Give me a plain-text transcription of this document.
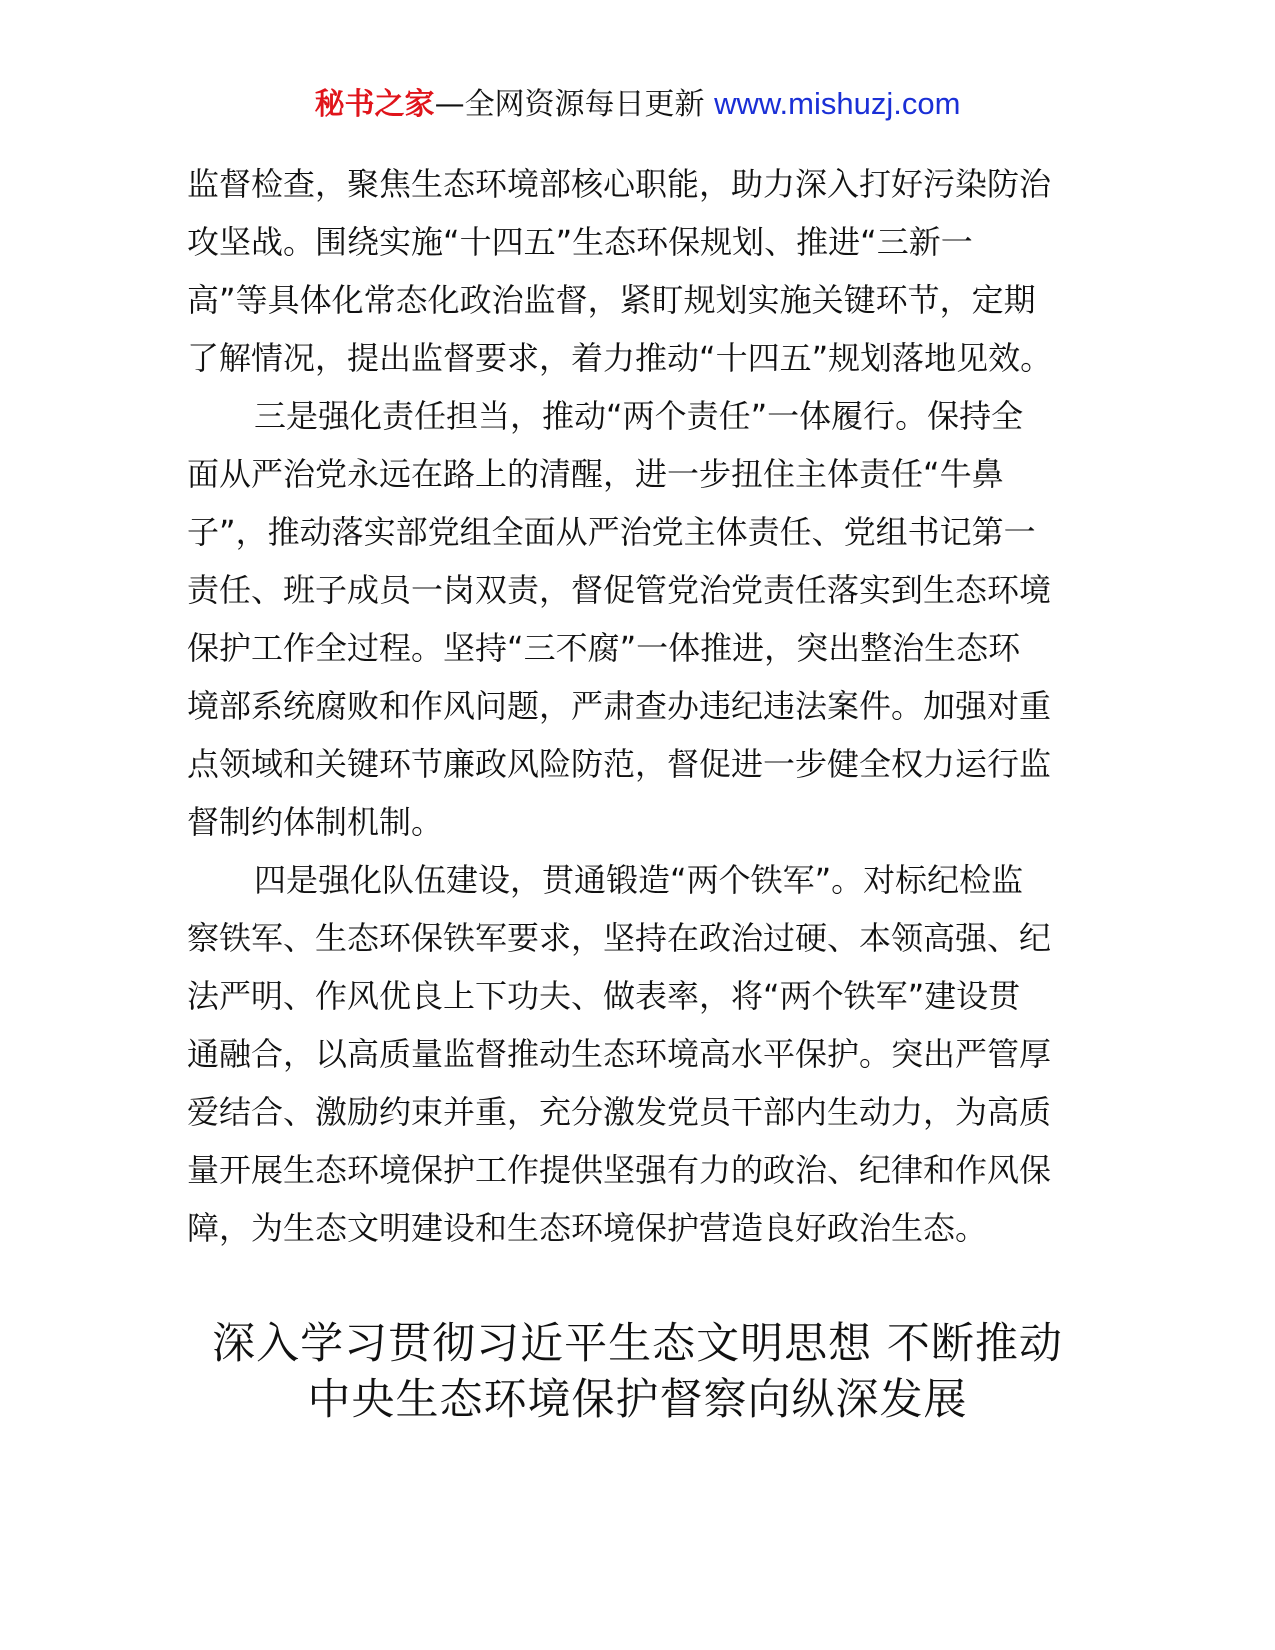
秘书之家—全网资源每日更新 www.mishuzj.com
监督检查，聚焦生态环境部核心职能，助力深入打好污染防治
攻坚战。围绕实施“十四五”生态环保规划、推进“三新一
高”等具体化常态化政治监督，紧盯规划实施关键环节，定期
了解情况，提出监督要求，着力推动“十四五”规划落地见效。
三是强化责任担当，推动“两个责任”一体履行。保持全
面从严治党永远在路上的清醒，进一步扭住主体责任“牛鼻
子”，推动落实部党组全面从严治党主体责任、党组书记第一
责任、班子成员一岗双责，督促管党治党责任落实到生态环境
保护工作全过程。坚持“三不腐”一体推进，突出整治生态环
境部系统腐败和作风问题，严肃查办违纪违法案件。加强对重
点领域和关键环节廉政风险防范，督促进一步健全权力运行监
督制约体制机制。
四是强化队伍建设，贯通锻造“两个铁军”。对标纪检监
察铁军、生态环保铁军要求，坚持在政治过硬、本领高强、纪
法严明、作风优良上下功夫、做表率，将“两个铁军”建设贯
通融合，以高质量监督推动生态环境高水平保护。突出严管厚
爱结合、激励约束并重，充分激发党员干部内生动力，为高质
量开展生态环境保护工作提供坚强有力的政治、纪律和作风保
障，为生态文明建设和生态环境保护营造良好政治生态。
深入学习贯彻习近平生态文明思想 不断推动
中央生态环境保护督察向纵深发展
